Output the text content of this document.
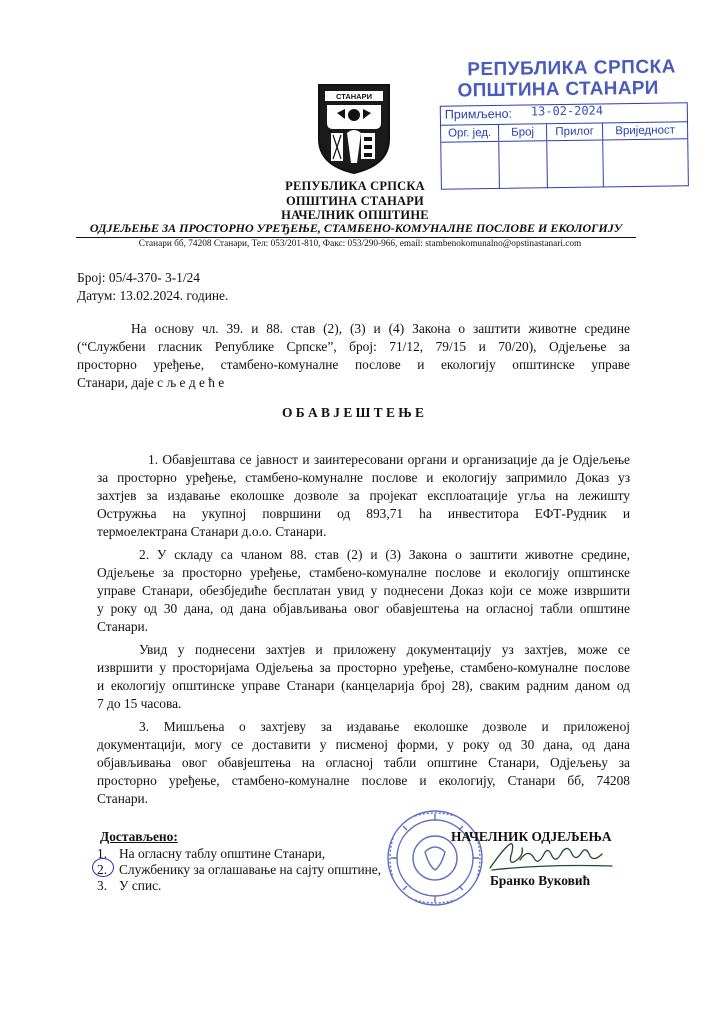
СТАНАРИ
РЕПУБЛИКА СРПСКА
ОПШТИНА СТАНАРИ
Примљено: 13-02-2024
Орг. јед.	Број	Прилог	Вриједност
РЕПУБЛИКА СРПСКА
ОПШТИНА СТАНАРИ
НАЧЕЛНИК ОПШТИНЕ
ОДЈЕЉЕЊЕ ЗА ПРОСТОРНО УРЕЂЕЊЕ, СТАМБЕНО-КОМУНАЛНЕ ПОСЛОВЕ И ЕКОЛОГИЈУ
Станари бб, 74208 Станари, Тел: 053/201-810, Факс: 053/290-966, email: stambenokomunalno@opstinastanari.com
Број: 05/4-370- 3-1/24
Датум: 13.02.2024. године.
На основу чл. 39. и 88. став (2), (3) и (4) Закона о заштити животне средине
(“Службени гласник Републике Српске”, број: 71/12, 79/15 и 70/20), Одјељење за
просторно уређење, стамбено-комуналне послове и екологију општинске управе
Станари, даје с љ е д е ћ е
О Б А В Ј Е Ш Т Е Њ Е
1. Обавјештава се јавност и заинтересовани органи и организације да је Одјељење
за просторно уређење, стамбено-комуналне послове и екологију запримило Доказ уз
захтјев за издавање еколошке дозволе за пројекат експлоатације угља на лежишту
Остружња на укупној површини од 893,71 ha инвеститора ЕФТ-Рудник и
термоелектрана Станари д.о.о. Станари.
2. У складу са чланом 88. став (2) и (3) Закона о заштити животне средине,
Одјељење за просторно уређење, стамбено-комуналне послове и екологију општинске
управе Станари, обезбједиће бесплатан увид у поднесени Доказ који се може извршити
у року од 30 дана, од дана објављивања овог обавјештења на огласној табли општине
Станари.
Увид у поднесени захтјев и приложену документацију уз захтјев, може се
извршити у просторијама Одјељења за просторно уређење, стамбено-комуналне послове
и екологију општинске управе Станари (канцеларија број 28), сваким радним даном од
7 до 15 часова.
3. Мишљења о захтјеву за издавање еколошке дозволе и приложеној
документацији, могу се доставити у писменој форми, у року од 30 дана, од дана
објављивања овог обавјештења на огласној табли општине Станари, Одјељењу за
просторно уређење, стамбено-комуналне послове и екологију, Станари бб, 74208
Станари.
Достављено:
1. На огласну таблу општине Станари,
2. Службенику за оглашавање на сајту општине,
3. У спис.
НАЧЕЛНИК ОДЈЕЉЕЊА
Бранко Вуковић
